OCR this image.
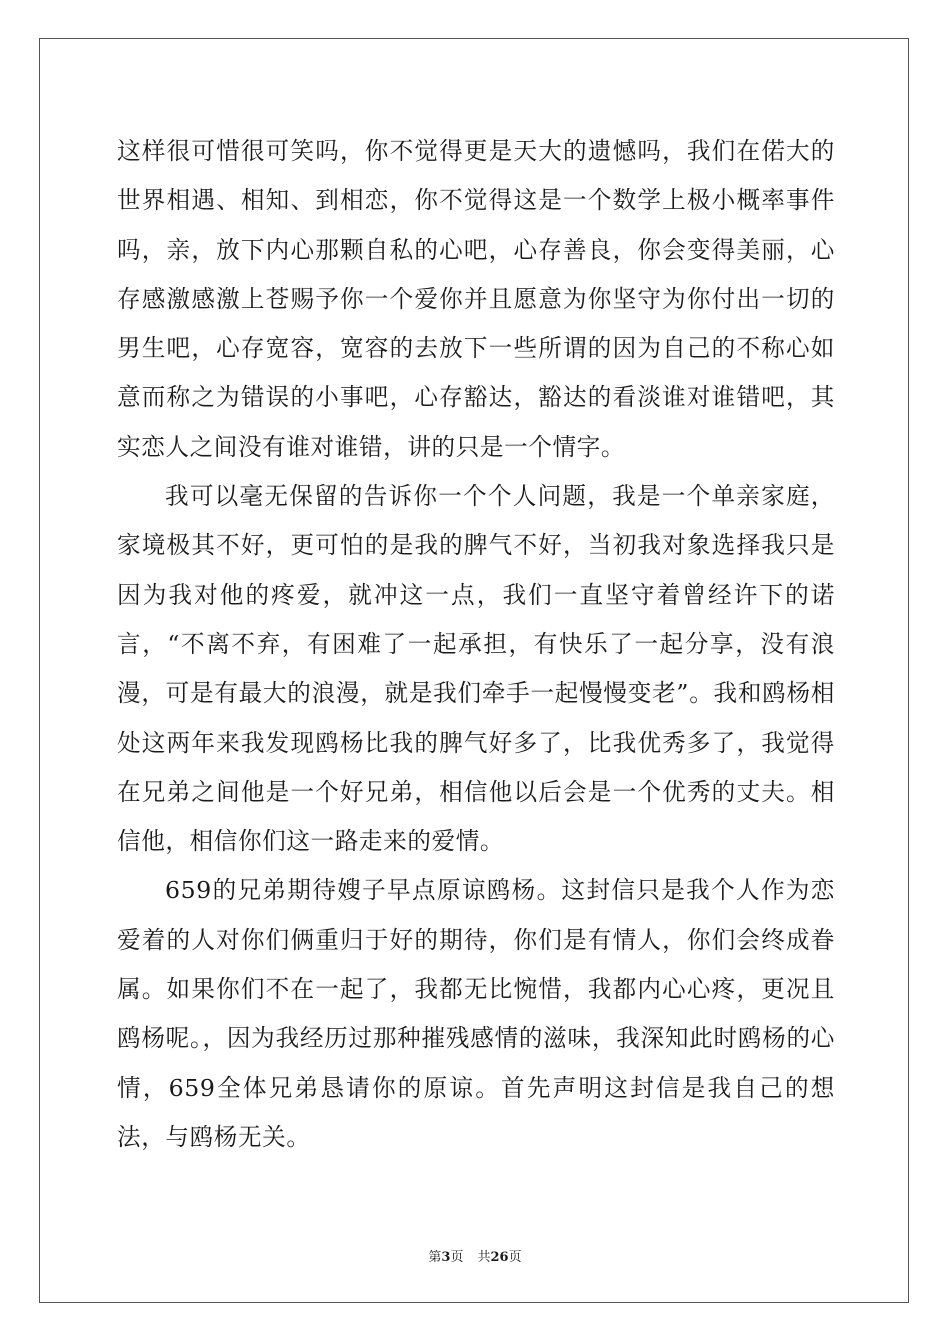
这样很可惜很可笑吗，你不觉得更是天大的遗憾吗，我们在偌大的世界相遇、相知、到相恋，你不觉得这是一个数学上极小概率事件吗，亲，放下内心那颗自私的心吧，心存善良，你会变得美丽，心存感激感激上苍赐予你一个爱你并且愿意为你坚守为你付出一切的男生吧，心存宽容，宽容的去放下一些所谓的因为自己的不称心如意而称之为错误的小事吧，心存豁达，豁达的看淡谁对谁错吧，其实恋人之间没有谁对谁错，讲的只是一个情字。

我可以毫无保留的告诉你一个个人问题，我是一个单亲家庭，家境极其不好，更可怕的是我的脾气不好，当初我对象选择我只是因为我对他的疼爱，就冲这一点，我们一直坚守着曾经许下的诺言，“不离不弃，有困难了一起承担，有快乐了一起分享，没有浪漫，可是有最大的浪漫，就是我们牵手一起慢慢变老”。我和鸥杨相处这两年来我发现鸥杨比我的脾气好多了，比我优秀多了，我觉得在兄弟之间他是一个好兄弟，相信他以后会是一个优秀的丈夫。相信他，相信你们这一路走来的爱情。

659的兄弟期待嫂子早点原谅鸥杨。这封信只是我个人作为恋爱着的人对你们俩重归于好的期待，你们是有情人，你们会终成眷属。如果你们不在一起了，我都无比惋惜，我都内心心疼，更况且鸥杨呢。，因为我经历过那种摧残感情的滋味，我深知此时鸥杨的心情，659全体兄弟恳请你的原谅。首先声明这封信是我自己的想法，与鸥杨无关。

第3页 共26页
